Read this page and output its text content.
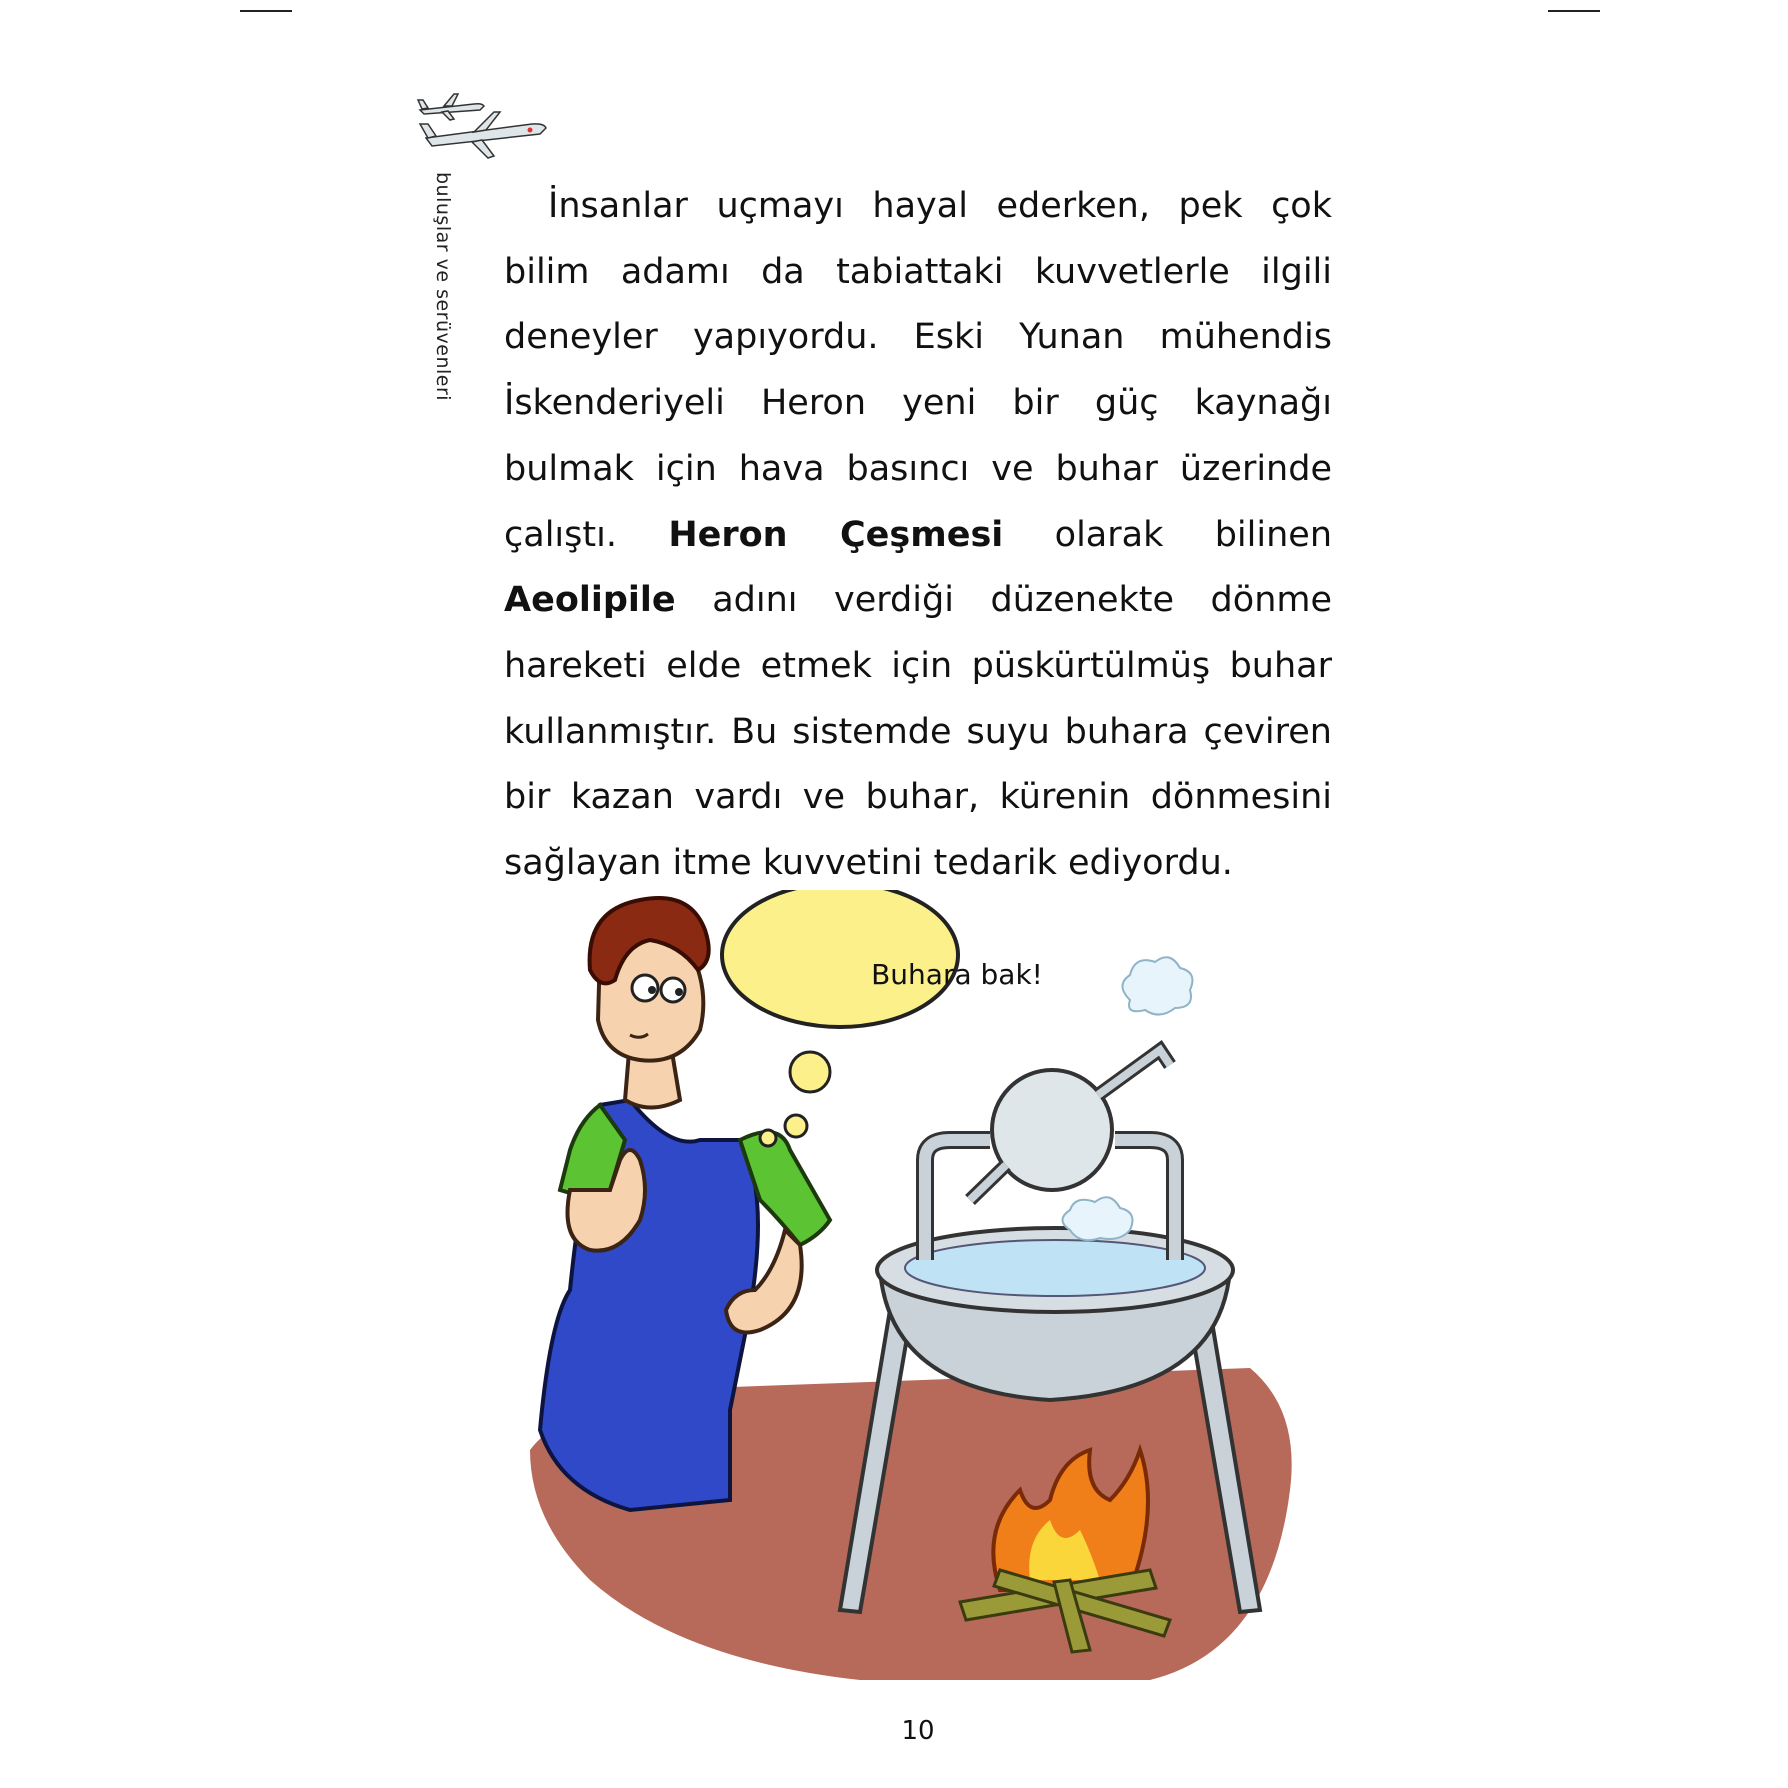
buluşlar ve serüvenleri	İnsanlar uçmayı hayal ederken, pek çok bilim adamı da tabiattaki kuvvetlerle ilgili deneyler yapıyordu. Eski Yunan mühendis İskenderiyeli Heron yeni bir güç kaynağı bulmak için hava basıncı ve buhar üzerinde çalıştı. Heron Çeşmesi olarak bilinen Aeolipile adını verdiği düzenekte dönme hareketi elde etmek için püskürtülmüş buhar kullanmıştır. Bu sistemde suyu buhara çeviren bir kazan vardı ve buhar, kürenin dönmesini sağlayan itme kuvvetini tedarik ediyordu.

Buhara bak!
10
